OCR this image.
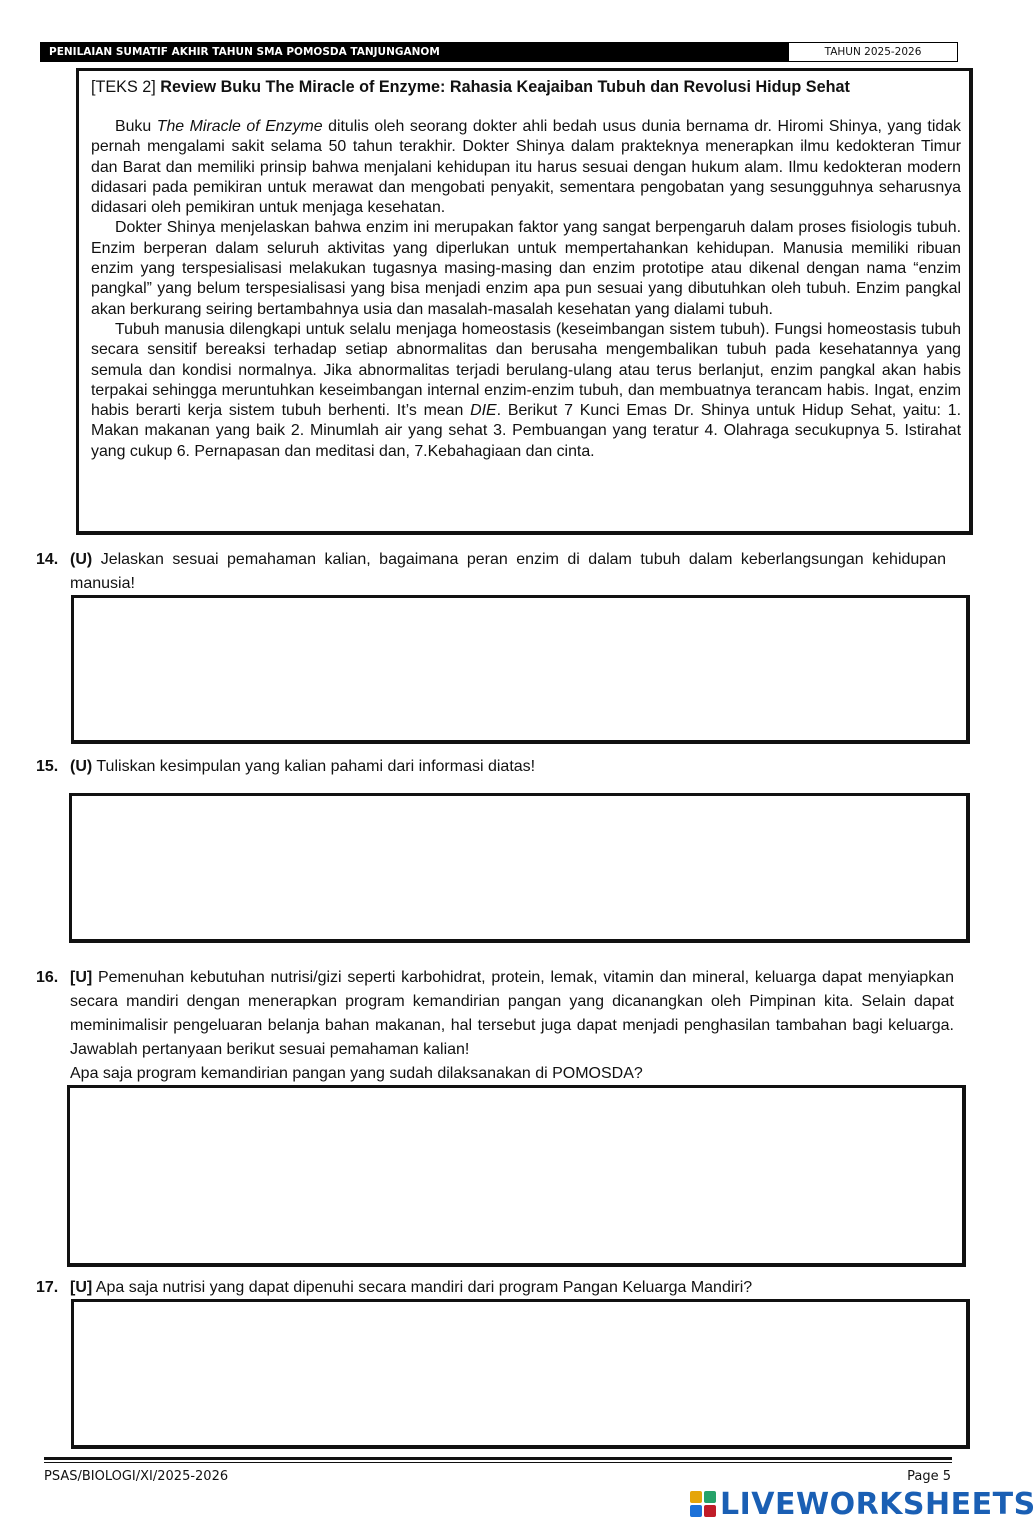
PENILAIAN SUMATIF AKHIR TAHUN SMA POMOSDA TANJUNGANOM	TAHUN 2025-2026
[TEKS 2] Review Buku The Miracle of Enzyme: Rahasia Keajaiban Tubuh dan Revolusi Hidup Sehat

Buku The Miracle of Enzyme ditulis oleh seorang dokter ahli bedah usus dunia bernama dr. Hiromi Shinya, yang tidak pernah mengalami sakit selama 50 tahun terakhir. Dokter Shinya dalam prakteknya menerapkan ilmu kedokteran Timur dan Barat dan memiliki prinsip bahwa menjalani kehidupan itu harus sesuai dengan hukum alam. Ilmu kedokteran modern didasari pada pemikiran untuk merawat dan mengobati penyakit, sementara pengobatan yang sesungguhnya seharusnya didasari oleh pemikiran untuk menjaga kesehatan.

Dokter Shinya menjelaskan bahwa enzim ini merupakan faktor yang sangat berpengaruh dalam proses fisiologis tubuh. Enzim berperan dalam seluruh aktivitas yang diperlukan untuk mempertahankan kehidupan. Manusia memiliki ribuan enzim yang terspesialisasi melakukan tugasnya masing-masing dan enzim prototipe atau dikenal dengan nama “enzim pangkal” yang belum terspesialisasi yang bisa menjadi enzim apa pun sesuai yang dibutuhkan oleh tubuh. Enzim pangkal akan berkurang seiring bertambahnya usia dan masalah-masalah kesehatan yang dialami tubuh.

Tubuh manusia dilengkapi untuk selalu menjaga homeostasis (keseimbangan sistem tubuh). Fungsi homeostasis tubuh secara sensitif bereaksi terhadap setiap abnormalitas dan berusaha mengembalikan tubuh pada kesehatannya yang semula dan kondisi normalnya. Jika abnormalitas terjadi berulang-ulang atau terus berlanjut, enzim pangkal akan habis terpakai sehingga meruntuhkan keseimbangan internal enzim-enzim tubuh, dan membuatnya terancam habis. Ingat, enzim habis berarti kerja sistem tubuh berhenti. It’s mean DIE. Berikut 7 Kunci Emas Dr. Shinya untuk Hidup Sehat, yaitu: 1. Makan makanan yang baik 2. Minumlah air yang sehat 3. Pembuangan yang teratur 4. Olahraga secukupnya 5. Istirahat yang cukup 6. Pernapasan dan meditasi dan, 7.Kebahagiaan dan cinta.

14. (U) Jelaskan sesuai pemahaman kalian, bagaimana peran enzim di dalam tubuh dalam keberlangsungan kehidupan manusia!
15. (U) Tuliskan kesimpulan yang kalian pahami dari informasi diatas!
16. [U] Pemenuhan kebutuhan nutrisi/gizi seperti karbohidrat, protein, lemak, vitamin dan mineral, keluarga dapat menyiapkan secara mandiri dengan menerapkan program kemandirian pangan yang dicanangkan oleh Pimpinan kita. Selain dapat meminimalisir pengeluaran belanja bahan makanan, hal tersebut juga dapat menjadi penghasilan tambahan bagi keluarga. Jawablah pertanyaan berikut sesuai pemahaman kalian!
Apa saja program kemandirian pangan yang sudah dilaksanakan di POMOSDA?
17. [U] Apa saja nutrisi yang dapat dipenuhi secara mandiri dari program Pangan Keluarga Mandiri?
PSAS/BIOLOGI/XI/2025-2026	Page 5
LIVEWORKSHEETS
